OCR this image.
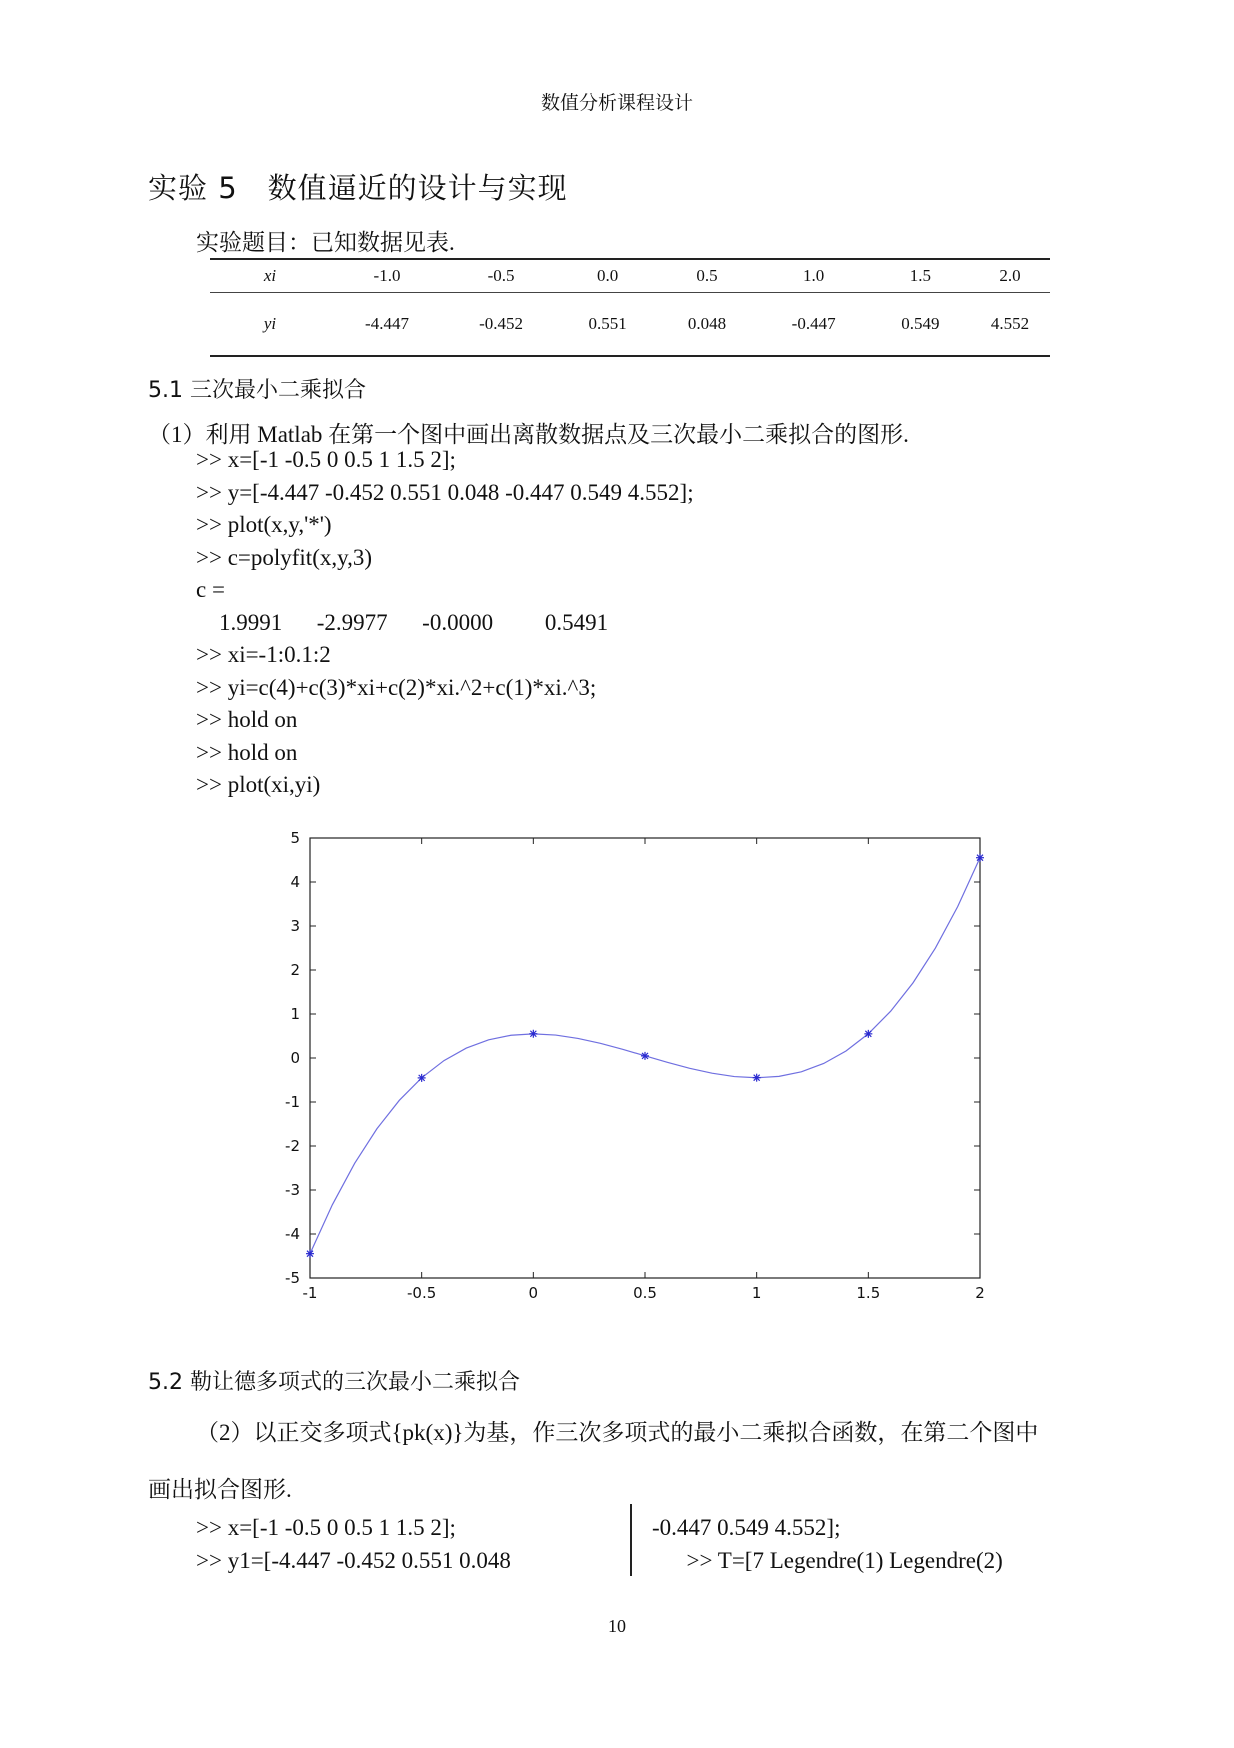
数值分析课程设计
实验 5　数值逼近的设计与实现
实验题目：已知数据见表.
xi	-1.0	-0.5	0.0	0.5	1.0	1.5	2.0
yi	-4.447	-0.452	0.551	0.048	-0.447	0.549	4.552
5.1 三次最小二乘拟合
（1）利用 Matlab 在第一个图中画出离散数据点及三次最小二乘拟合的图形.
>> x=[-1 -0.5 0 0.5 1 1.5 2];
>> y=[-4.447 -0.452 0.551 0.048 -0.447 0.549 4.552];
>> plot(x,y,'*')
>> c=polyfit(x,y,3)
c =
1.9991      -2.9977      -0.0000         0.5491
>> xi=-1:0.1:2
>> yi=c(4)+c(3)*xi+c(2)*xi.^2+c(1)*xi.^3;
>> hold on
>> hold on
>> plot(xi,yi)
-1	-0.5	0	0.5	1	1.5	2
-5
-4
-3
-2
-1
0
1
2
3
4
5
5.2 勒让德多项式的三次最小二乘拟合
（2）以正交多项式{pk(x)}为基，作三次多项式的最小二乘拟合函数，在第二个图中
画出拟合图形.
>> x=[-1 -0.5 0 0.5 1 1.5 2];
>> y1=[-4.447 -0.452 0.551 0.048
-0.447 0.549 4.552];
>> T=[7 Legendre(1) Legendre(2)
10
